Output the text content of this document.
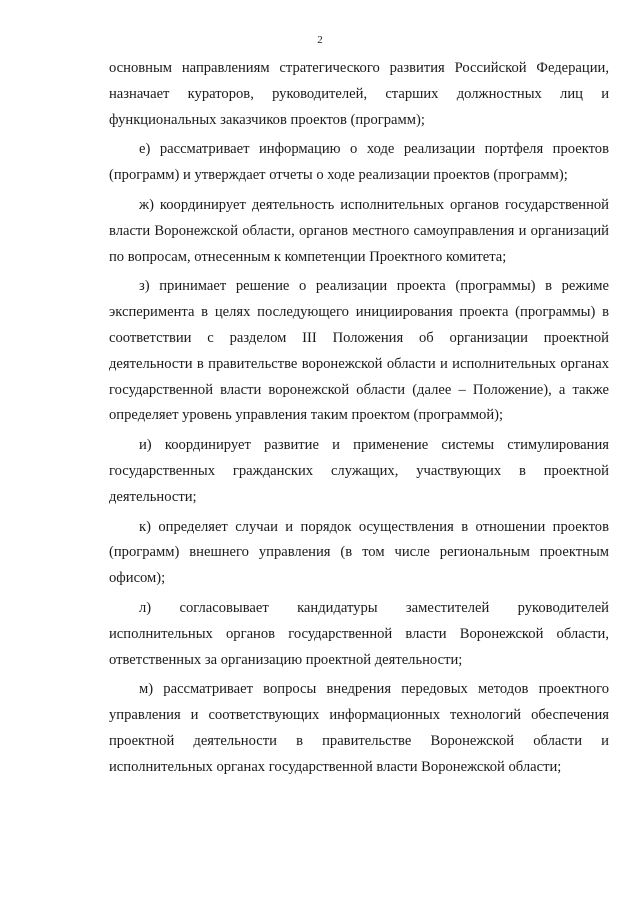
2

основным направлениям стратегического развития Российской Федерации, назначает кураторов, руководителей, старших должностных лиц и функциональных заказчиков проектов (программ);

е) рассматривает информацию о ходе реализации портфеля проектов (программ) и утверждает отчеты о ходе реализации проектов (программ);

ж) координирует деятельность исполнительных органов государственной власти Воронежской области, органов местного самоуправления и организаций по вопросам, отнесенным к компетенции Проектного комитета;

з) принимает решение о реализации проекта (программы) в режиме эксперимента в целях последующего инициирования проекта (программы) в соответствии с разделом III Положения об организации проектной деятельности в правительстве воронежской области и исполнительных органах государственной власти воронежской области (далее – Положение), а также определяет уровень управления таким проектом (программой);

и) координирует развитие и применение системы стимулирования государственных гражданских служащих, участвующих в проектной деятельности;

к) определяет случаи и порядок осуществления в отношении проектов (программ) внешнего управления (в том числе региональным проектным офисом);

л) согласовывает кандидатуры заместителей руководителей исполнительных органов государственной власти Воронежской области, ответственных за организацию проектной деятельности;

м) рассматривает вопросы внедрения передовых методов проектного управления и соответствующих информационных технологий обеспечения проектной деятельности в правительстве Воронежской области и исполнительных органах государственной власти Воронежской области;
